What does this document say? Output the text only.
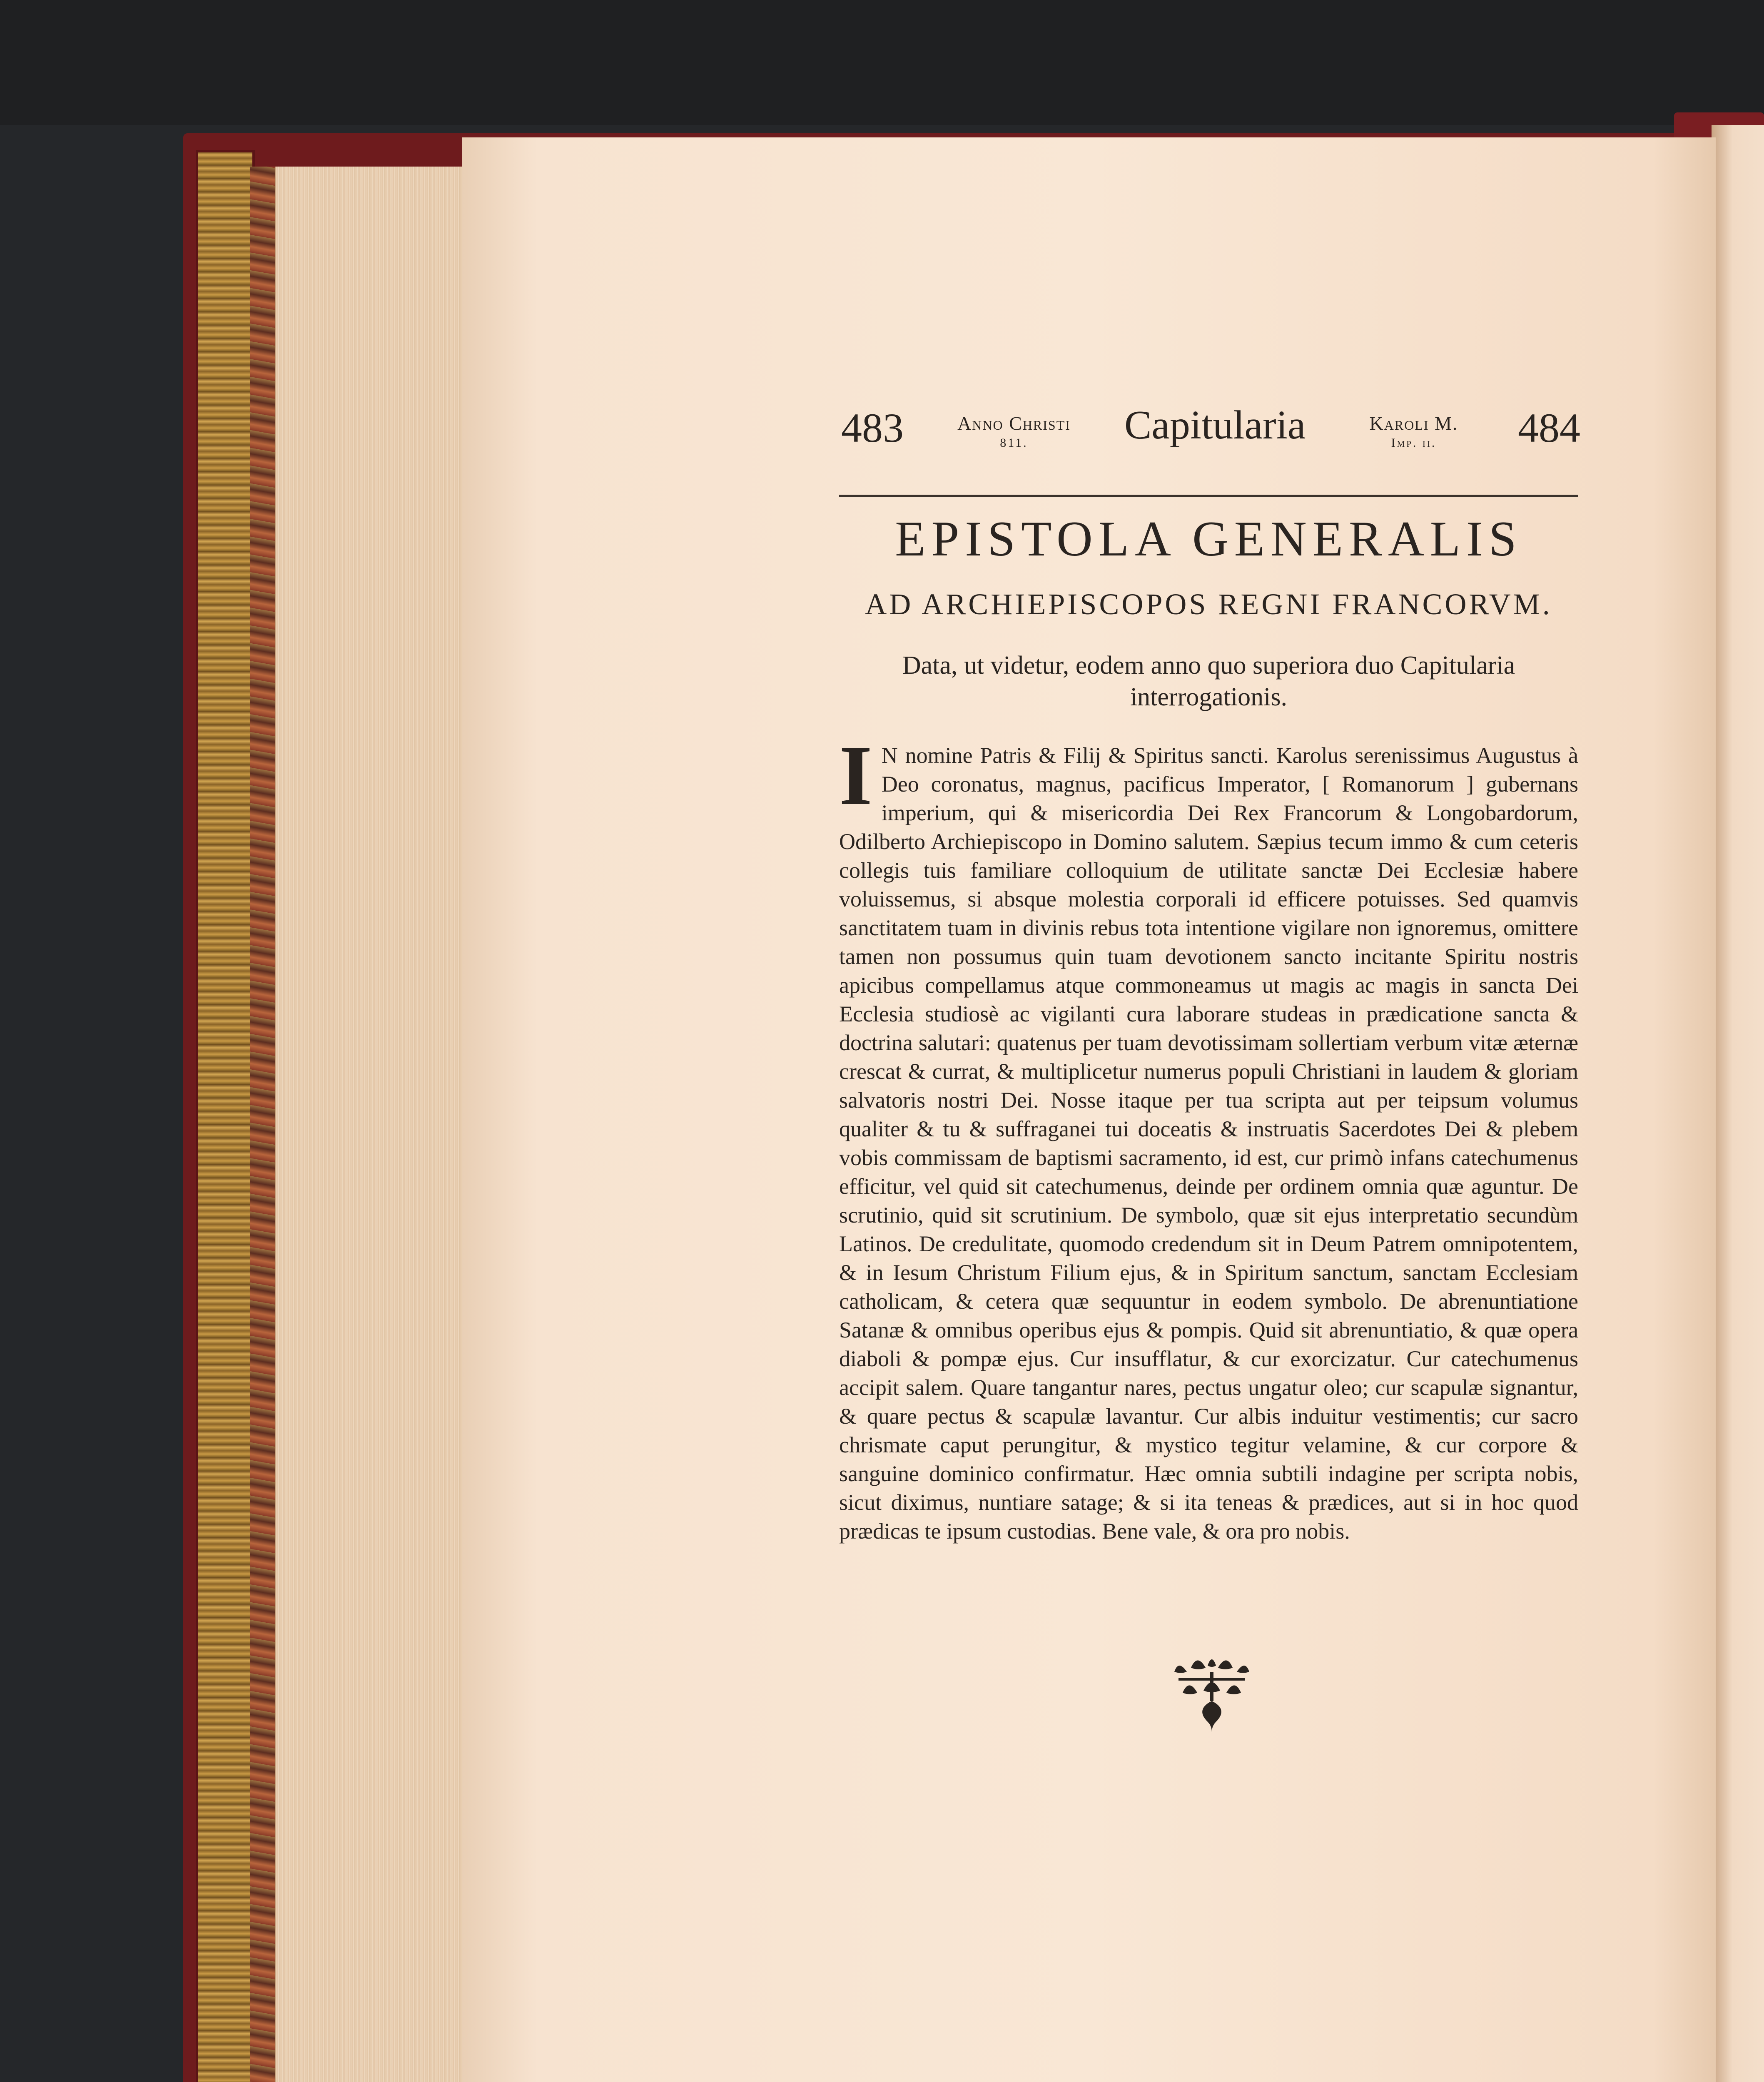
483	Anno Christi
811.	Capitularia	Karoli M.
Imp. ii.	484
EPISTOLA GENERALIS
AD ARCHIEPISCOPOS REGNI FRANCORVM.
Data, ut videtur, eodem anno quo superiora duo Capitularia interrogationis.
I N nomine Patris & Filij & Spiritus sancti. Karolus serenissimus Augustus à Deo coronatus, magnus, pacificus Imperator, [ Romanorum ] gubernans imperium, qui & misericordia Dei Rex Francorum & Longobardorum, Odilberto Archiepiscopo in Domino salutem. Sæpius tecum immo & cum ceteris collegis tuis familiare colloquium de utilitate sanctæ Dei Ecclesiæ habere voluissemus, si absque molestia corporali id efficere potuisses. Sed quamvis sanctitatem tuam in divinis rebus tota intentione vigilare non ignoremus, omittere tamen non possumus quin tuam devotionem sancto incitante Spiritu nostris apicibus compellamus atque commoneamus ut magis ac magis in sancta Dei Ecclesia studiosè ac vigilanti cura laborare studeas in prædicatione sancta & doctrina salutari: quatenus per tuam devotissimam sollertiam verbum vitæ æternæ crescat & currat, & multiplicetur numerus populi Christiani in laudem & gloriam salvatoris nostri Dei. Nosse itaque per tua scripta aut per teipsum volumus qualiter & tu & suffraganei tui doceatis & instruatis Sacerdotes Dei & plebem vobis commissam de baptismi sacramento, id est, cur primò infans catechumenus efficitur, vel quid sit catechumenus, deinde per ordinem omnia quæ aguntur. De scrutinio, quid sit scrutinium. De symbolo, quæ sit ejus interpretatio secundùm Latinos. De credulitate, quomodo credendum sit in Deum Patrem omnipotentem, & in Iesum Christum Filium ejus, & in Spiritum sanctum, sanctam Ecclesiam catholicam, & cetera quæ sequuntur in eodem symbolo. De abrenuntiatione Satanæ & omnibus operibus ejus & pompis. Quid sit abrenuntiatio, & quæ opera diaboli & pompæ ejus. Cur insufflatur, & cur exorcizatur. Cur catechumenus accipit salem. Quare tangantur nares, pectus ungatur oleo; cur scapulæ signantur, & quare pectus & scapulæ lavantur. Cur albis induitur vestimentis; cur sacro chrismate caput perungitur, & mystico tegitur velamine, & cur corpore & sanguine dominico confirmatur. Hæc omnia subtili indagine per scripta nobis, sicut diximus, nuntiare satage; & si ita teneas & prædices, aut si in hoc quod prædicas te ipsum custodias. Bene vale, & ora pro nobis.
